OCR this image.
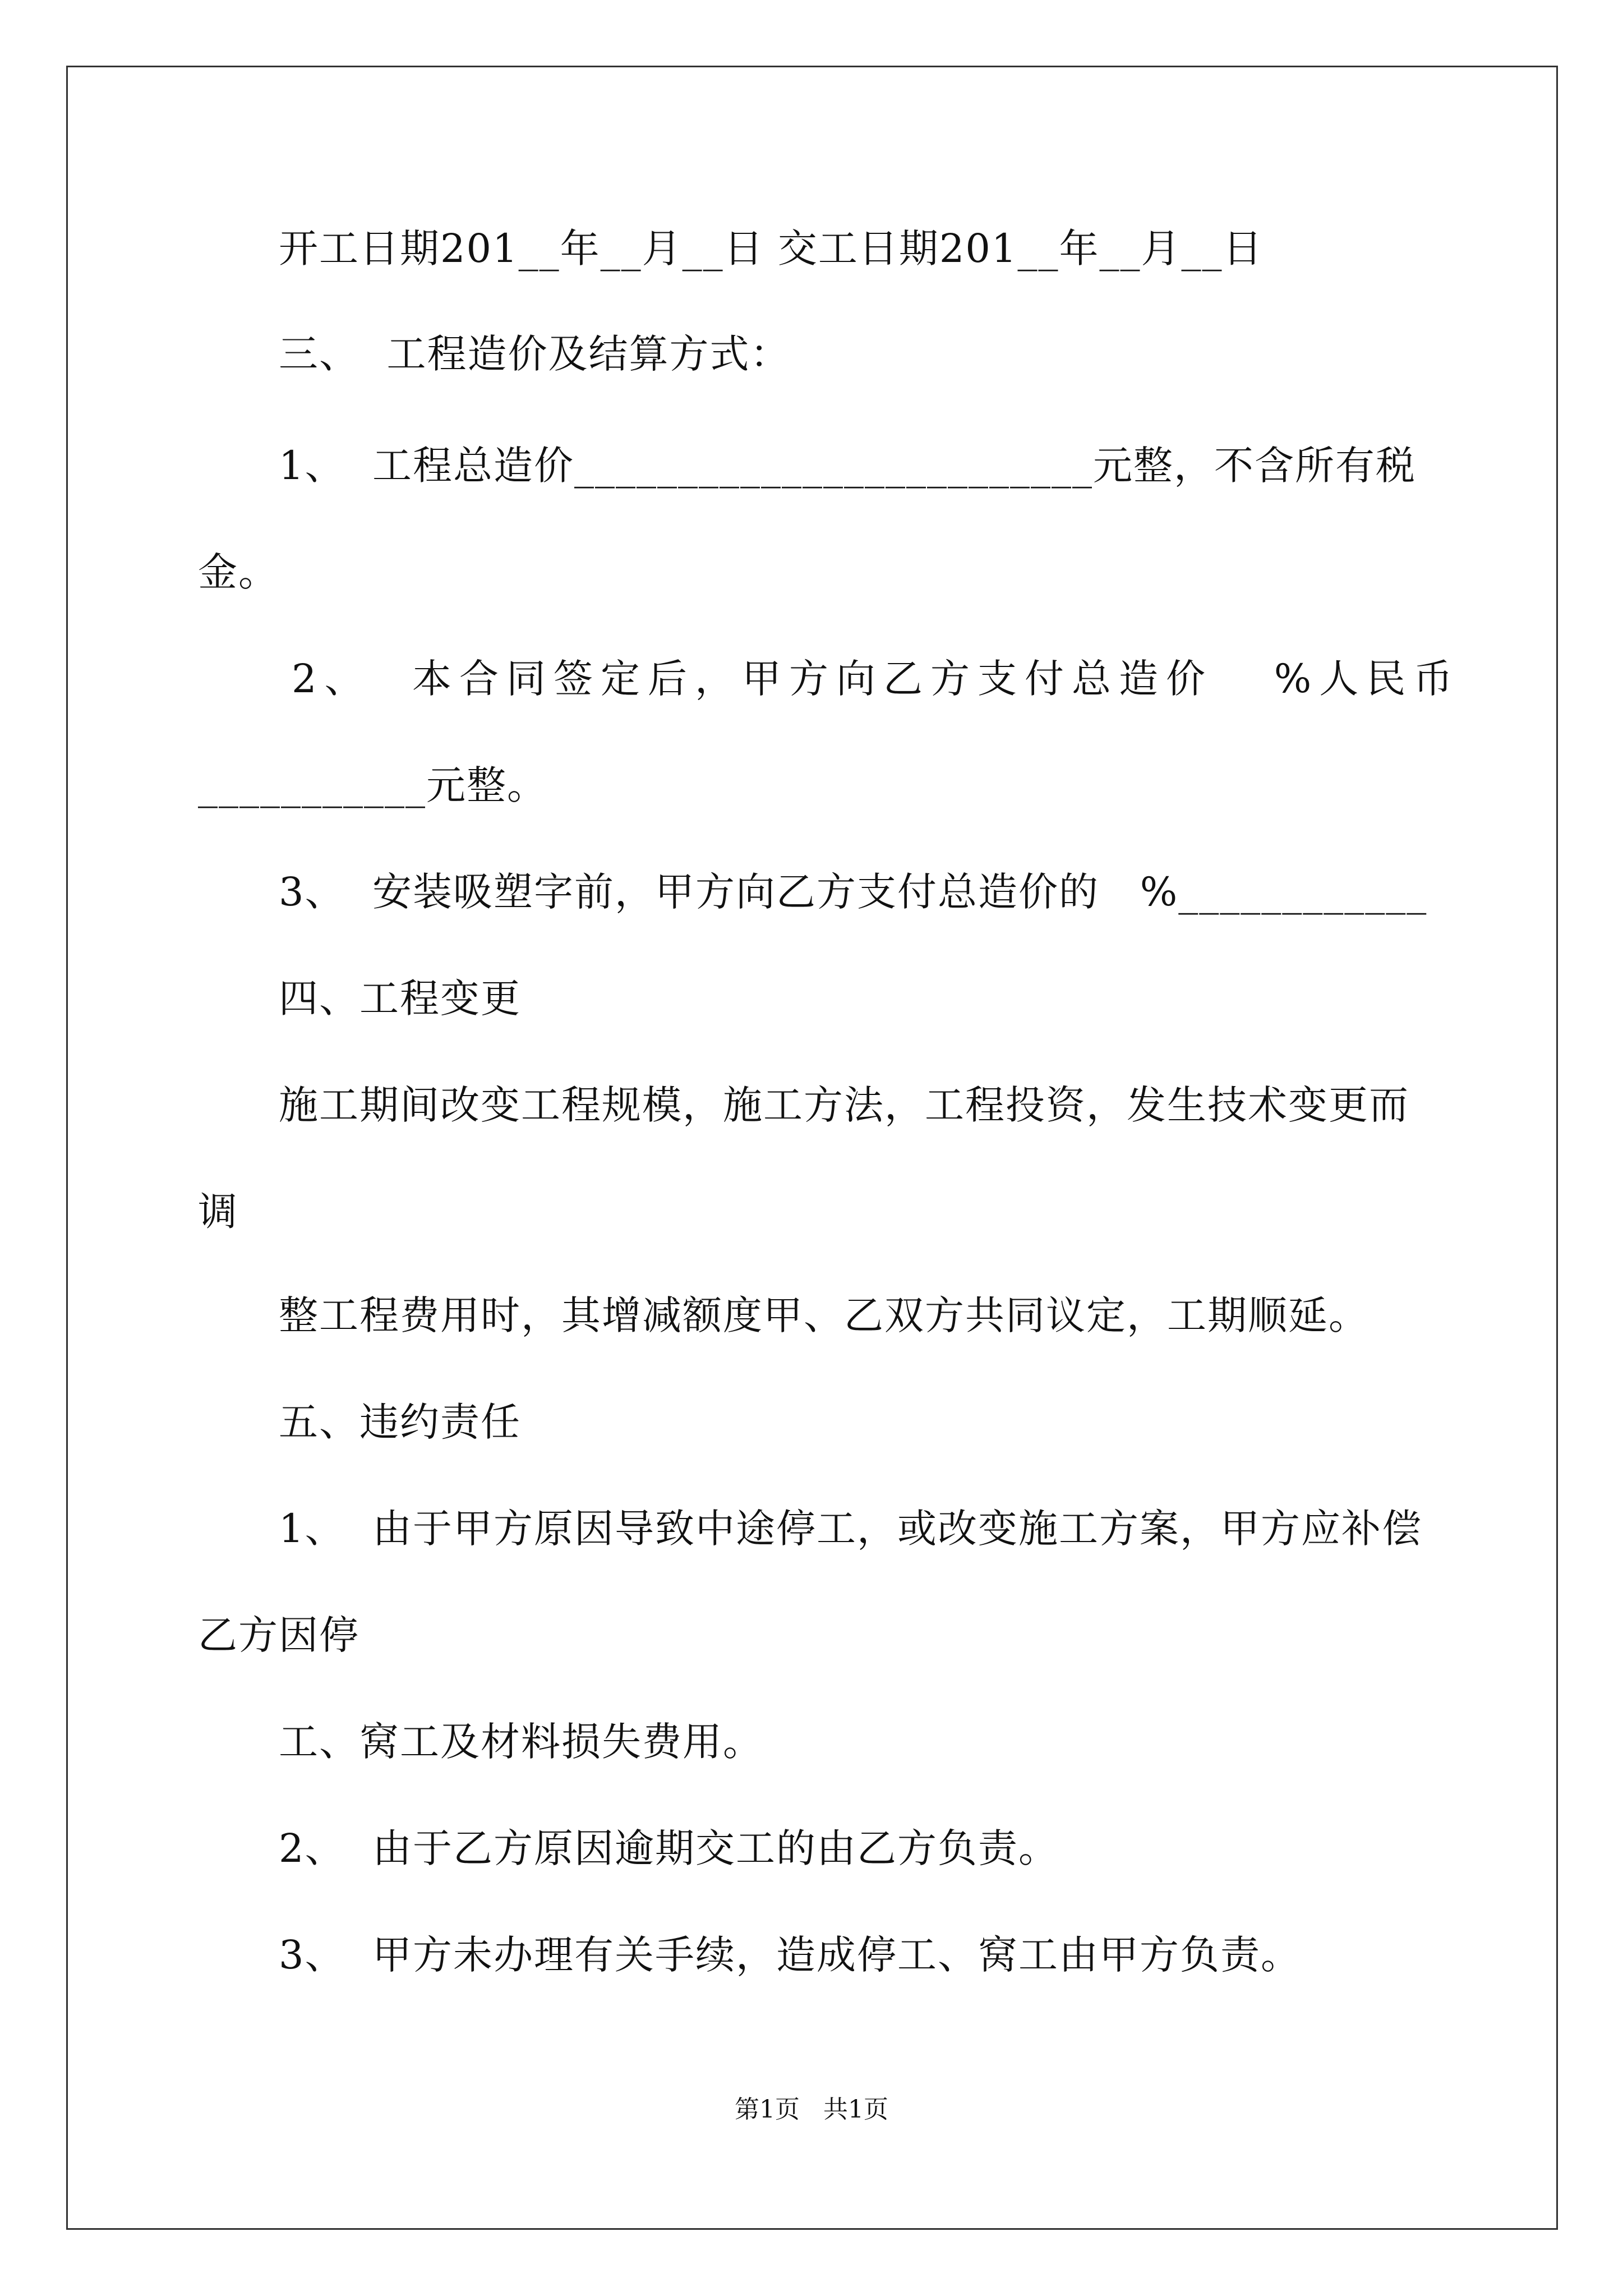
开工日期201__年__月__日 交工日期201__年__月__日
三、  工程造价及结算方式：
1、  工程总造价_________________________元整，不含所有税
金。
2、  本合同签定后，甲方向乙方支付总造价   %人民币
___________元整。
3、  安装吸塑字前，甲方向乙方支付总造价的   %____________
四、工程变更
施工期间改变工程规模，施工方法，工程投资，发生技术变更而
调
整工程费用时，其增减额度甲、乙双方共同议定，工期顺延。
五、违约责任
1、  由于甲方原因导致中途停工，或改变施工方案，甲方应补偿
乙方因停
工、窝工及材料损失费用。
2、  由于乙方原因逾期交工的由乙方负责。
3、  甲方未办理有关手续，造成停工、窝工由甲方负责。
第1页   共1页
